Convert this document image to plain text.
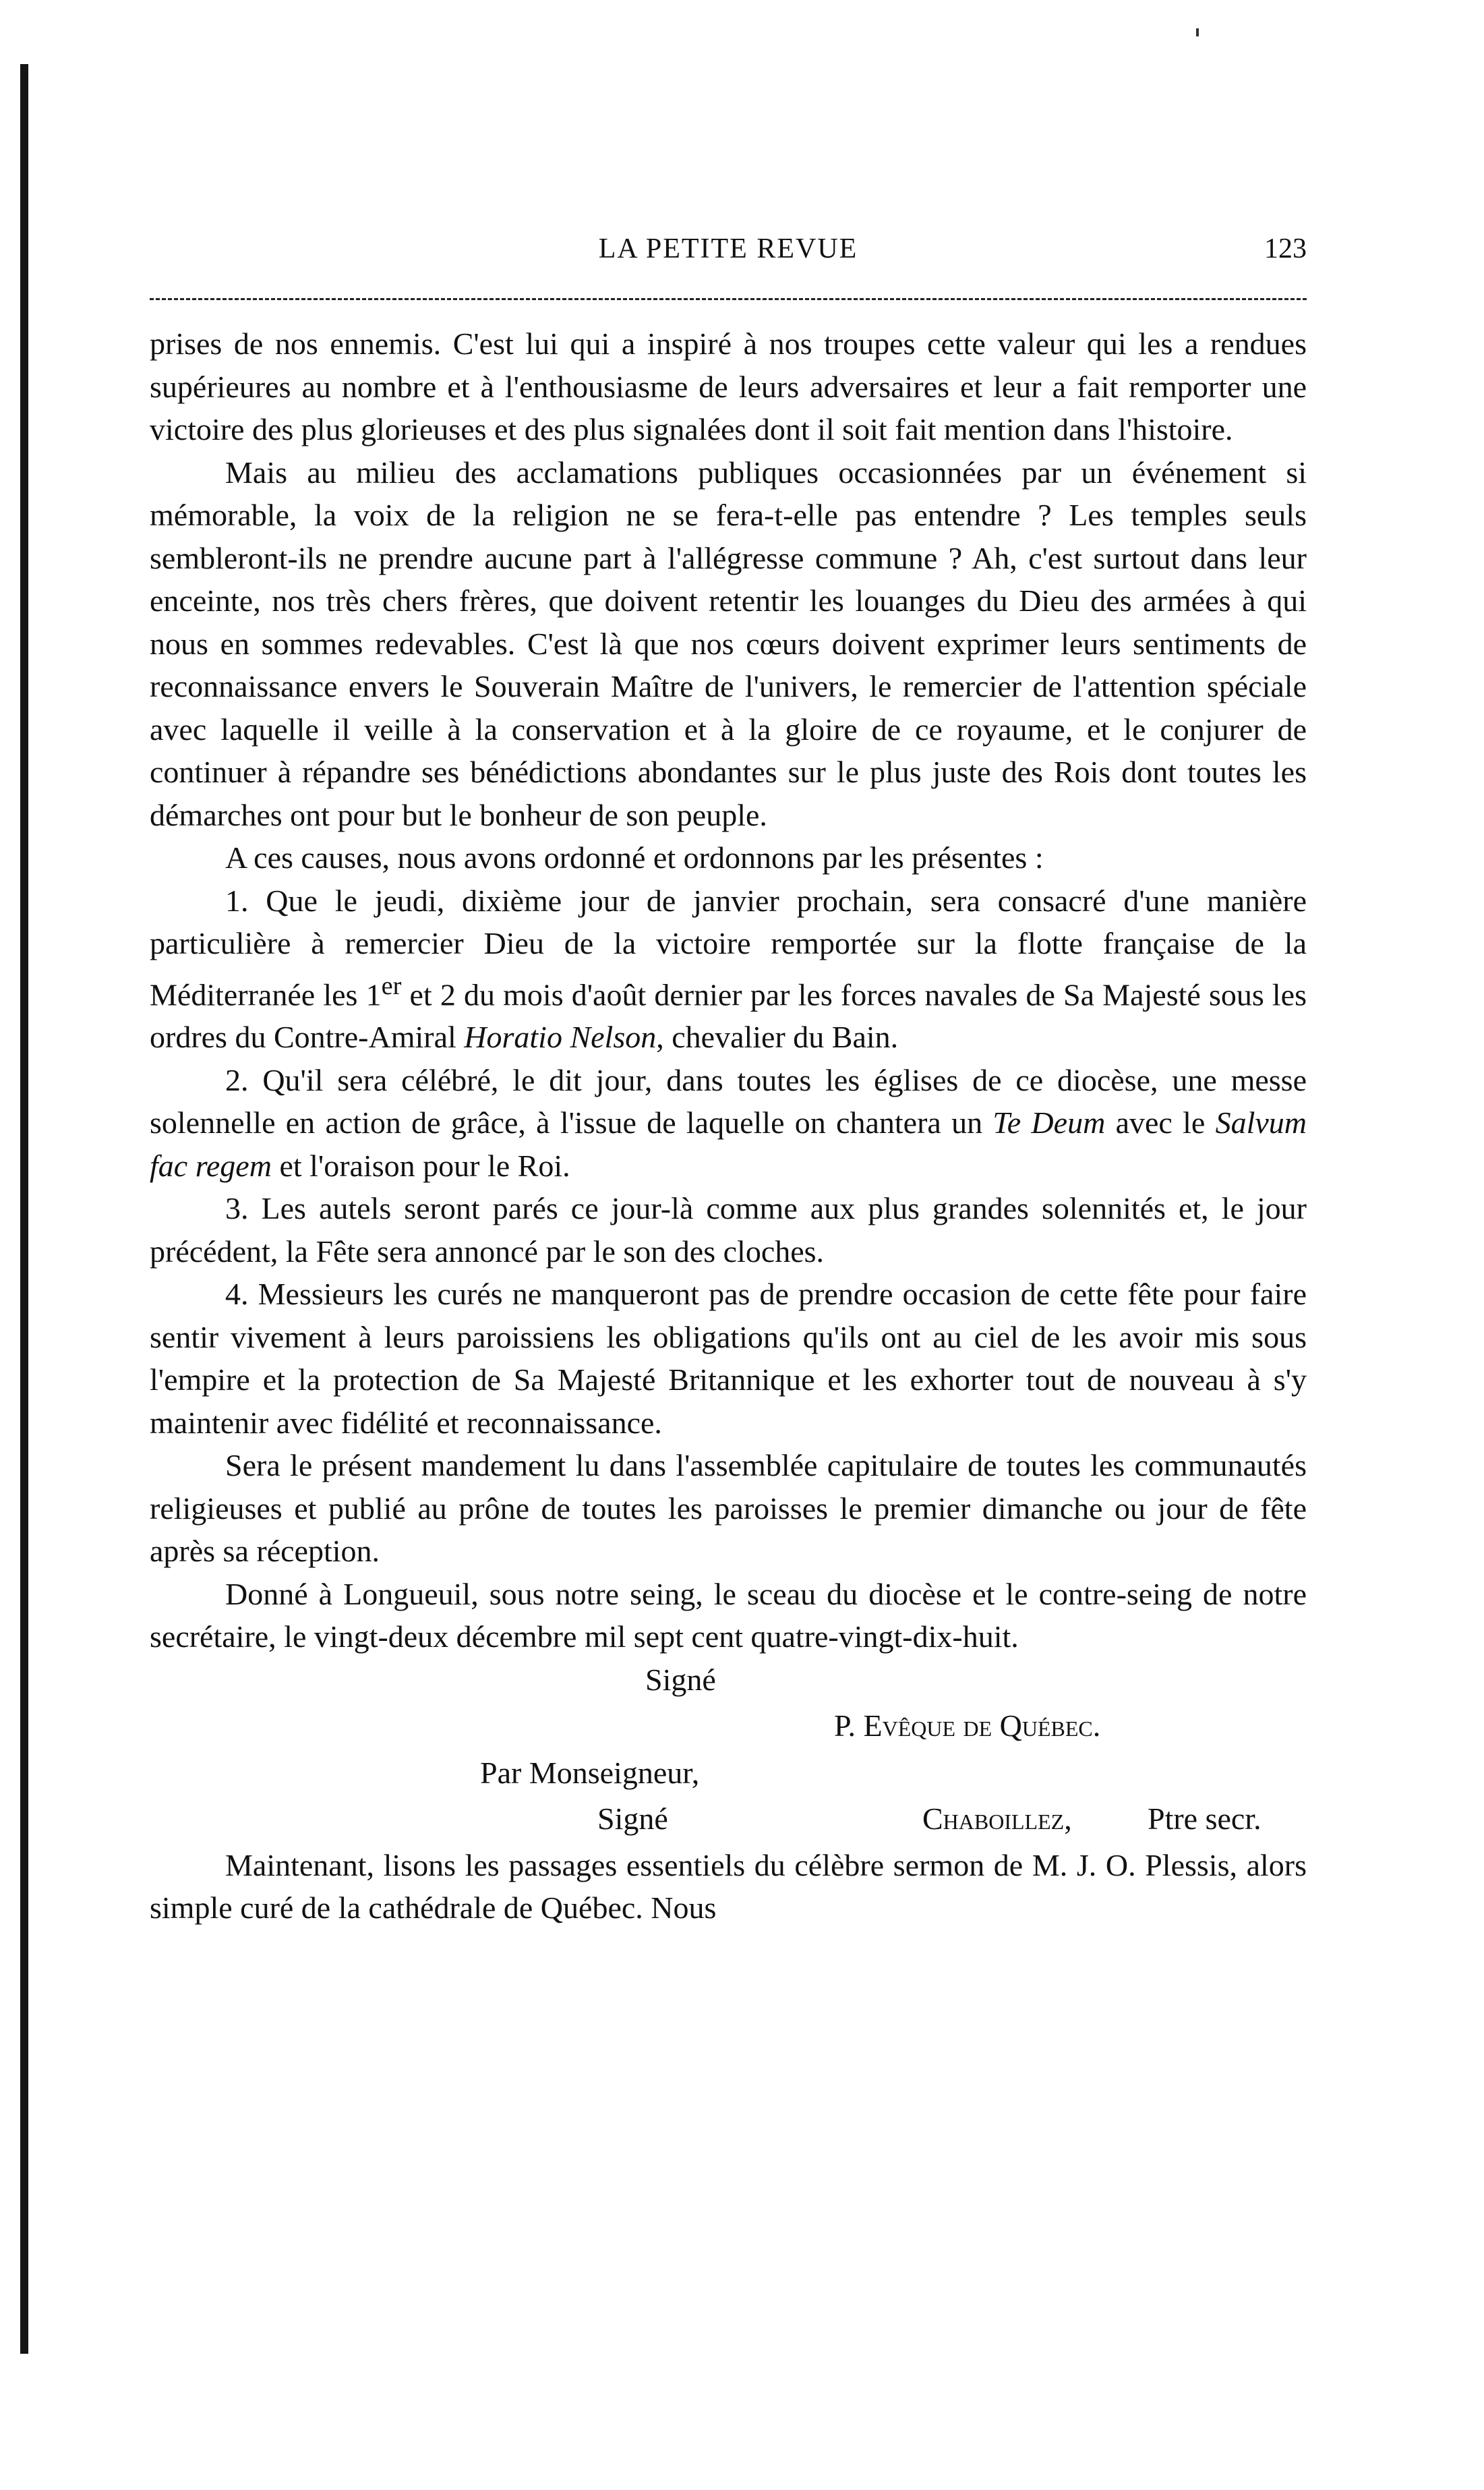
LA PETITE REVUE	123

prises de nos ennemis. C'est lui qui a inspiré à nos troupes cette valeur qui les a rendues supérieures au nombre et à l'enthousiasme de leurs adversaires et leur a fait remporter une victoire des plus glorieuses et des plus signalées dont il soit fait mention dans l'histoire.

Mais au milieu des acclamations publiques occasionnées par un événement si mémorable, la voix de la religion ne se fera-t-elle pas entendre ? Les temples seuls sembleront-ils ne prendre aucune part à l'allégresse commune ? Ah, c'est surtout dans leur enceinte, nos très chers frères, que doivent retentir les louanges du Dieu des armées à qui nous en sommes redevables. C'est là que nos cœurs doivent exprimer leurs sentiments de reconnaissance envers le Souverain Maître de l'univers, le remercier de l'attention spéciale avec laquelle il veille à la conservation et à la gloire de ce royaume, et le conjurer de continuer à répandre ses bénédictions abondantes sur le plus juste des Rois dont toutes les démarches ont pour but le bonheur de son peuple.

A ces causes, nous avons ordonné et ordonnons par les présentes :

1. Que le jeudi, dixième jour de janvier prochain, sera consacré d'une manière particulière à remercier Dieu de la victoire remportée sur la flotte française de la Méditerranée les 1er et 2 du mois d'août dernier par les forces navales de Sa Majesté sous les ordres du Contre-Amiral Horatio Nelson, chevalier du Bain.

2. Qu'il sera célébré, le dit jour, dans toutes les églises de ce diocèse, une messe solennelle en action de grâce, à l'issue de laquelle on chantera un Te Deum avec le Salvum fac regem et l'oraison pour le Roi.

3. Les autels seront parés ce jour-là comme aux plus grandes solennités et, le jour précédent, la Fête sera annoncé par le son des cloches.

4. Messieurs les curés ne manqueront pas de prendre occasion de cette fête pour faire sentir vivement à leurs paroissiens les obligations qu'ils ont au ciel de les avoir mis sous l'empire et la protection de Sa Majesté Britannique et les exhorter tout de nouveau à s'y maintenir avec fidélité et reconnaissance.

Sera le présent mandement lu dans l'assemblée capitulaire de toutes les communautés religieuses et publié au prône de toutes les paroisses le premier dimanche ou jour de fête après sa réception.

Donné à Longueuil, sous notre seing, le sceau du diocèse et le contre-seing de notre secrétaire, le vingt-deux décembre mil sept cent quatre-vingt-dix-huit.

Signé
P. Evêque de Québec.
Par Monseigneur,
Signé	Chaboillez, Ptre secr.

Maintenant, lisons les passages essentiels du célèbre sermon de M. J. O. Plessis, alors simple curé de la cathédrale de Québec. Nous
